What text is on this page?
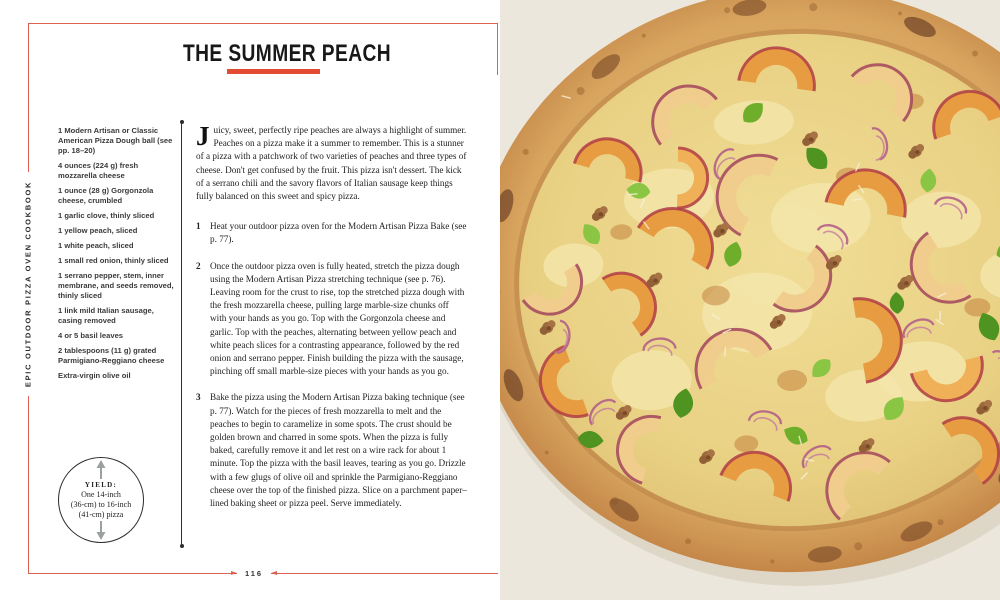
EPIC OUTDOOR PIZZA OVEN COOKBOOK
THE SUMMER PEACH
1 Modern Artisan or Classic American Pizza Dough ball (see pp. 18–20)
4 ounces (224 g) fresh mozzarella cheese
1 ounce (28 g) Gorgonzola cheese, crumbled
1 garlic clove, thinly sliced
1 yellow peach, sliced
1 white peach, sliced
1 small red onion, thinly sliced
1 serrano pepper, stem, inner membrane, and seeds removed, thinly sliced
1 link mild Italian sausage, casing removed
4 or 5 basil leaves
2 tablespoons (11 g) grated Parmigiano-Reggiano cheese
Extra-virgin olive oil
Juicy, sweet, perfectly ripe peaches are always a highlight of summer. Peaches on a pizza make it a summer to remember. This is a stunner of a pizza with a patchwork of two varieties of peaches and three types of cheese. Don't get confused by the fruit. This pizza isn't dessert. The kick of a serrano chili and the savory flavors of Italian sausage keep things fully balanced on this sweet and spicy pizza.
1	Heat your outdoor pizza oven for the Modern Artisan Pizza Bake (see p. 77).
2	Once the outdoor pizza oven is fully heated, stretch the pizza dough using the Modern Artisan Pizza stretching technique (see p. 76). Leaving room for the crust to rise, top the stretched pizza dough with the fresh mozzarella cheese, pulling large marble-size chunks off with your hands as you go. Top with the Gorgonzola cheese and garlic. Top with the peaches, alternating between yellow peach and white peach slices for a contrasting appearance, followed by the red onion and serrano pepper. Finish building the pizza with the sausage, pinching off small marble-size pieces with your hands as you go.
3	Bake the pizza using the Modern Artisan Pizza baking technique (see p. 77). Watch for the pieces of fresh mozzarella to melt and the peaches to begin to caramelize in some spots. The crust should be golden brown and charred in some spots. When the pizza is fully baked, carefully remove it and let rest on a wire rack for about 1 minute. Top the pizza with the basil leaves, tearing as you go. Drizzle with a few glugs of olive oil and sprinkle the Parmigiano-Reggiano cheese over the top of the finished pizza. Slice on a parchment paper–lined baking sheet or pizza peel. Serve immediately.
YIELD:
One 14-inch
(36-cm) to 16-inch
(41-cm) pizza
116
